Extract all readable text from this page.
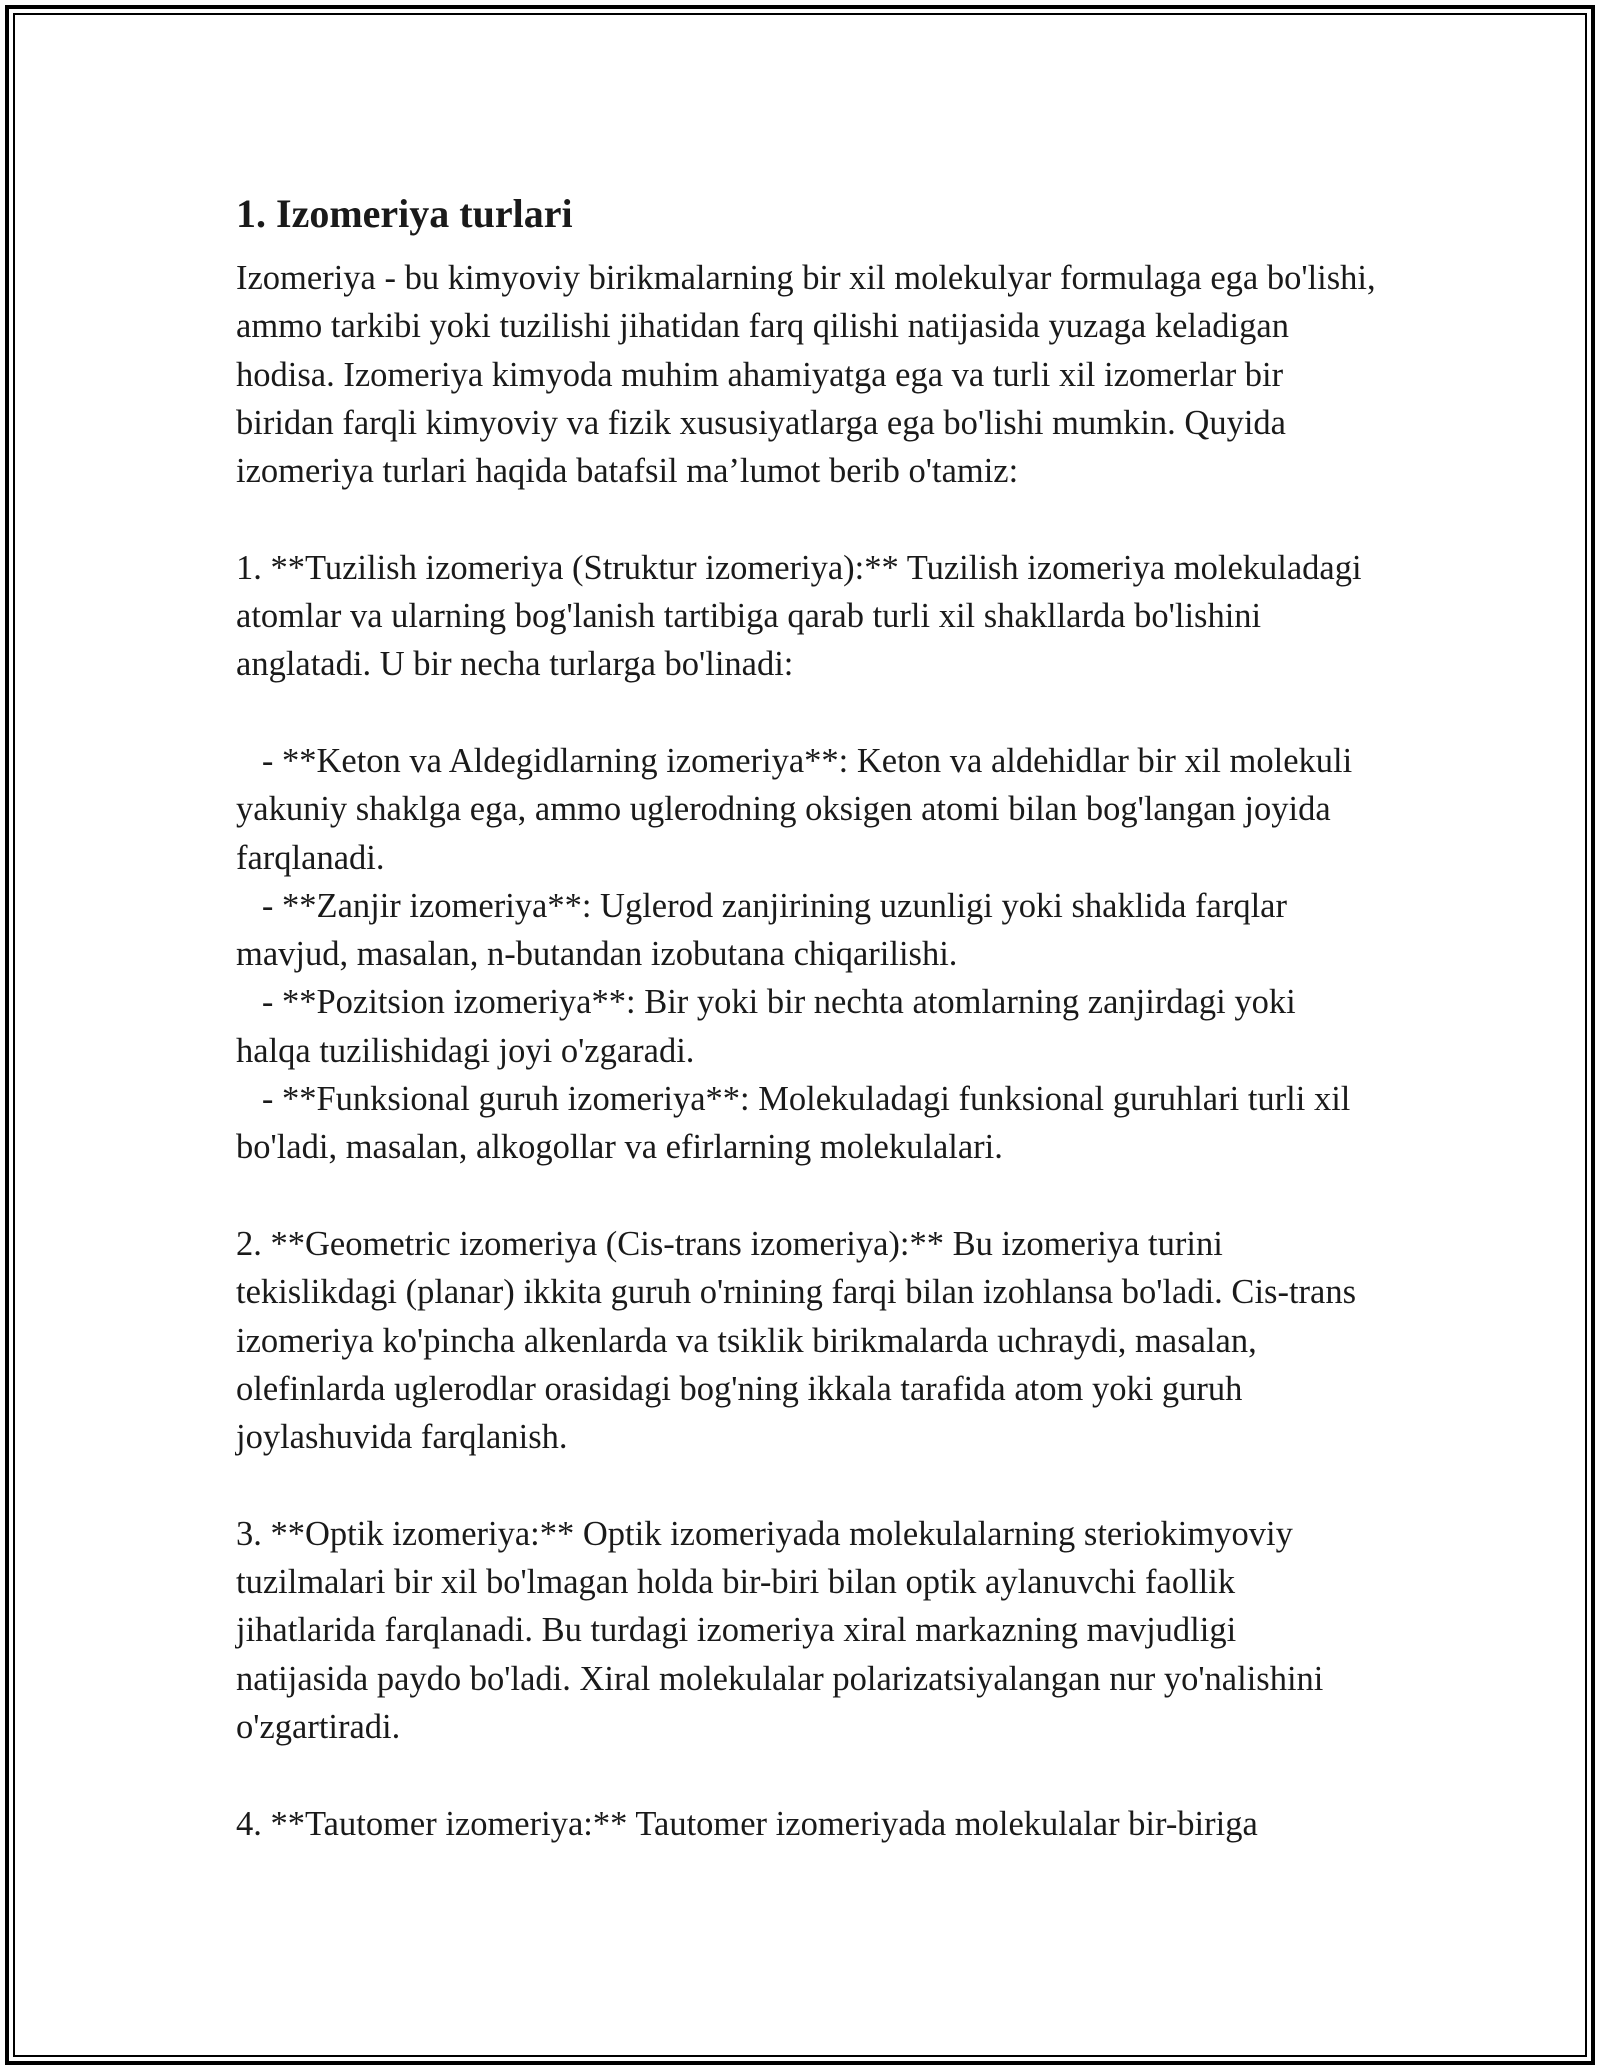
1. Izomeriya turlari

Izomeriya - bu kimyoviy birikmalarning bir xil molekulyar formulaga ega bo'lishi, ammo tarkibi yoki tuzilishi jihatidan farq qilishi natijasida yuzaga keladigan hodisa. Izomeriya kimyoda muhim ahamiyatga ega va turli xil izomerlar bir biridan farqli kimyoviy va fizik xususiyatlarga ega bo'lishi mumkin. Quyida izomeriya turlari haqida batafsil ma’lumot berib o'tamiz:

1. **Tuzilish izomeriya (Struktur izomeriya):** Tuzilish izomeriya molekuladagi atomlar va ularning bog'lanish tartibiga qarab turli xil shakllarda bo'lishini anglatadi. U bir necha turlarga bo'linadi:

- **Keton va Aldegidlarning izomeriya**: Keton va aldehidlar bir xil molekuli yakuniy shaklga ega, ammo uglerodning oksigen atomi bilan bog'langan joyida farqlanadi.

- **Zanjir izomeriya**: Uglerod zanjirining uzunligi yoki shaklida farqlar mavjud, masalan, n-butandan izobutana chiqarilishi.

- **Pozitsion izomeriya**: Bir yoki bir nechta atomlarning zanjirdagi yoki halqa tuzilishidagi joyi o'zgaradi.

- **Funksional guruh izomeriya**: Molekuladagi funksional guruhlari turli xil bo'ladi, masalan, alkogollar va efirlarning molekulalari.

2. **Geometric izomeriya (Cis-trans izomeriya):** Bu izomeriya turini tekislikdagi (planar) ikkita guruh o'rnining farqi bilan izohlansa bo'ladi. Cis-trans izomeriya ko'pincha alkenlarda va tsiklik birikmalarda uchraydi, masalan, olefinlarda uglerodlar orasidagi bog'ning ikkala tarafida atom yoki guruh joylashuvida farqlanish.

3. **Optik izomeriya:** Optik izomeriyada molekulalarning steriokimyoviy tuzilmalari bir xil bo'lmagan holda bir-biri bilan optik aylanuvchi faollik jihatlarida farqlanadi. Bu turdagi izomeriya xiral markazning mavjudligi natijasida paydo bo'ladi. Xiral molekulalar polarizatsiyalangan nur yo'nalishini o'zgartiradi.

4. **Tautomer izomeriya:** Tautomer izomeriyada molekulalar bir-biriga
